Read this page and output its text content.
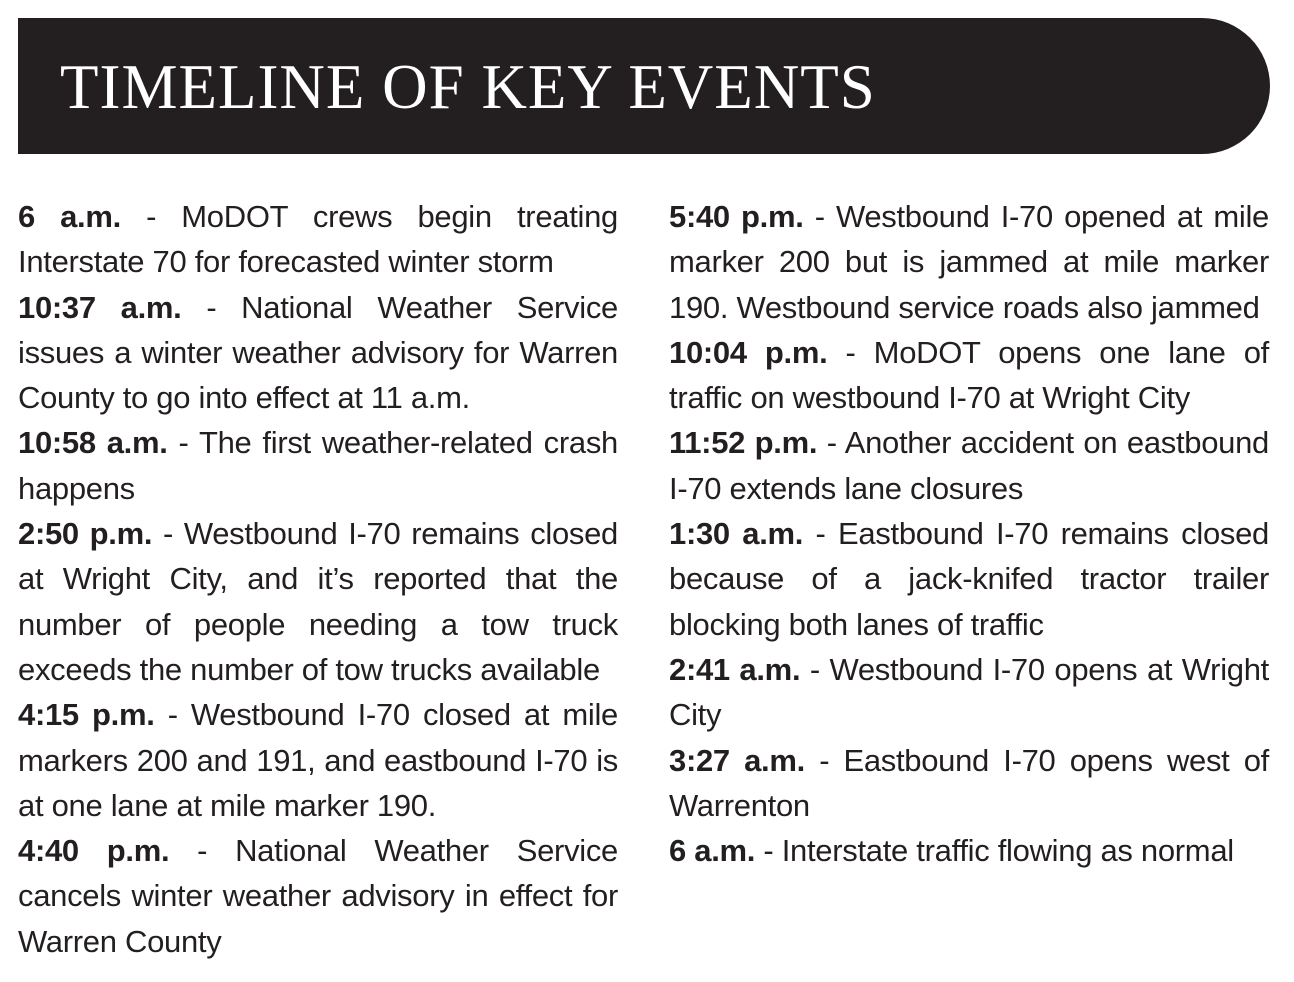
TIMELINE OF KEY EVENTS

6 a.m. - MoDOT crews begin treating Interstate 70 for forecasted winter storm

10:37 a.m. - National Weather Service issues a winter weather advisory for Warren County to go into effect at 11 a.m.

10:58 a.m. - The first weather-related crash happens

2:50 p.m. - Westbound I-70 remains closed at Wright City, and it’s reported that the number of people needing a tow truck exceeds the number of tow trucks available

4:15 p.m. - Westbound I-70 closed at mile markers 200 and 191, and eastbound I-70 is at one lane at mile marker 190.

4:40 p.m. - National Weather Service cancels winter weather advisory in effect for Warren County

5:40 p.m. - Westbound I-70 opened at mile marker 200 but is jammed at mile marker 190. Westbound service roads also jammed

10:04 p.m. - MoDOT opens one lane of traffic on westbound I-70 at Wright City

11:52 p.m. - Another accident on eastbound I-70 extends lane closures

1:30 a.m. - Eastbound I-70 remains closed because of a jack-knifed tractor trailer blocking both lanes of traffic

2:41 a.m. - Westbound I-70 opens at Wright City

3:27 a.m. - Eastbound I-70 opens west of Warrenton

6 a.m. - Interstate traffic flowing as normal
